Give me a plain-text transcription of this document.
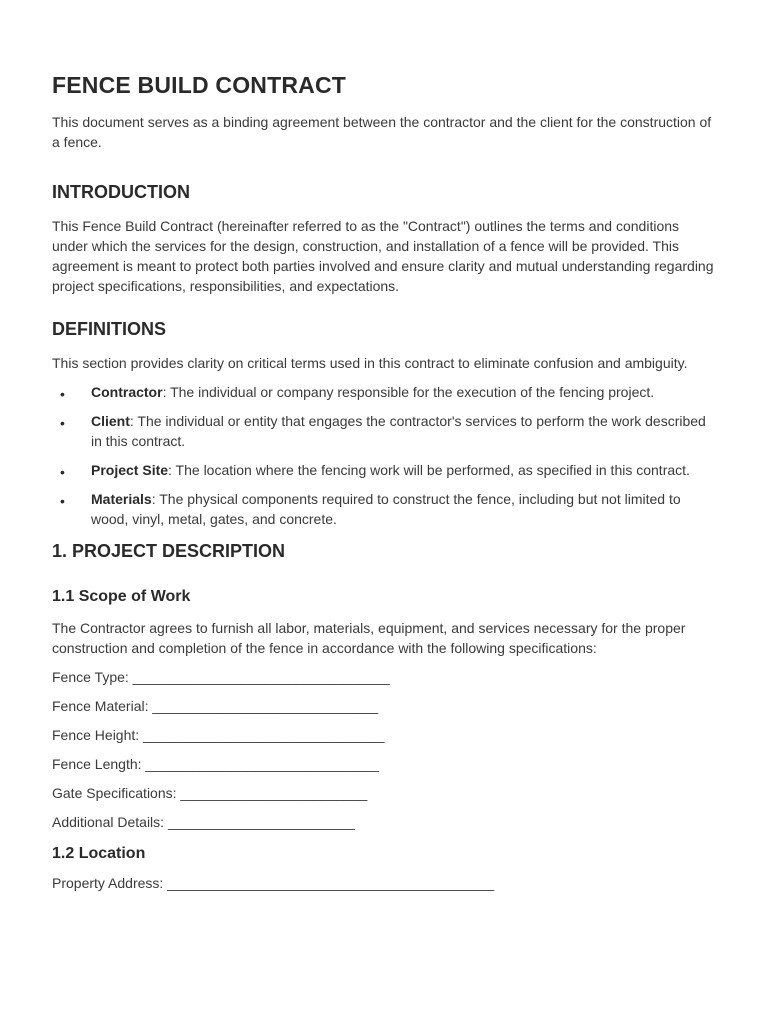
FENCE BUILD CONTRACT

This document serves as a binding agreement between the contractor and the client for the construction of a fence.

INTRODUCTION

This Fence Build Contract (hereinafter referred to as the "Contract") outlines the terms and conditions under which the services for the design, construction, and installation of a fence will be provided. This agreement is meant to protect both parties involved and ensure clarity and mutual understanding regarding project specifications, responsibilities, and expectations.

DEFINITIONS

This section provides clarity on critical terms used in this contract to eliminate confusion and ambiguity.

• Contractor: The individual or company responsible for the execution of the fencing project.
• Client: The individual or entity that engages the contractor's services to perform the work described in this contract.
• Project Site: The location where the fencing work will be performed, as specified in this contract.
• Materials: The physical components required to construct the fence, including but not limited to wood, vinyl, metal, gates, and concrete.
1. PROJECT DESCRIPTION
1.1 Scope of Work

The Contractor agrees to furnish all labor, materials, equipment, and services necessary for the proper construction and completion of the fence in accordance with the following specifications:

Fence Type: _________________________________
Fence Material: _____________________________
Fence Height: _______________________________
Fence Length: ______________________________
Gate Specifications: ________________________
Additional Details: ________________________
1.2 Location
Property Address: __________________________________________
